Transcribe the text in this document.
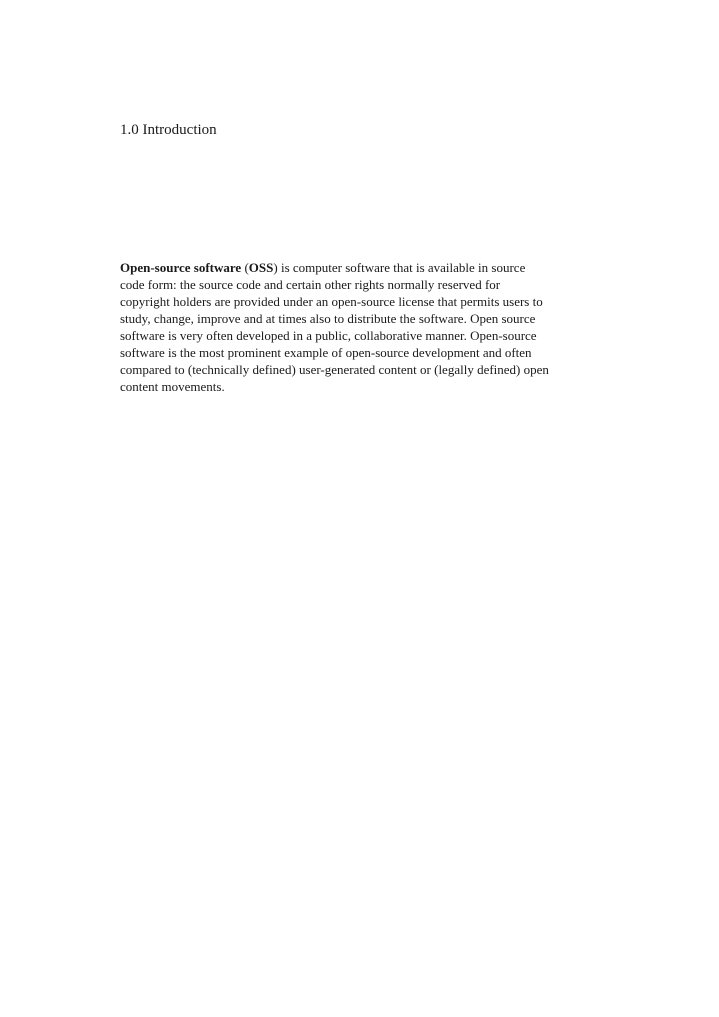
1.0 Introduction
Open-source software (OSS) is computer software that is available in source
code form: the source code and certain other rights normally reserved for
copyright holders are provided under an open-source license that permits users to
study, change, improve and at times also to distribute the software. Open source
software is very often developed in a public, collaborative manner. Open-source
software is the most prominent example of open-source development and often
compared to (technically defined) user-generated content or (legally defined) open
content movements.
